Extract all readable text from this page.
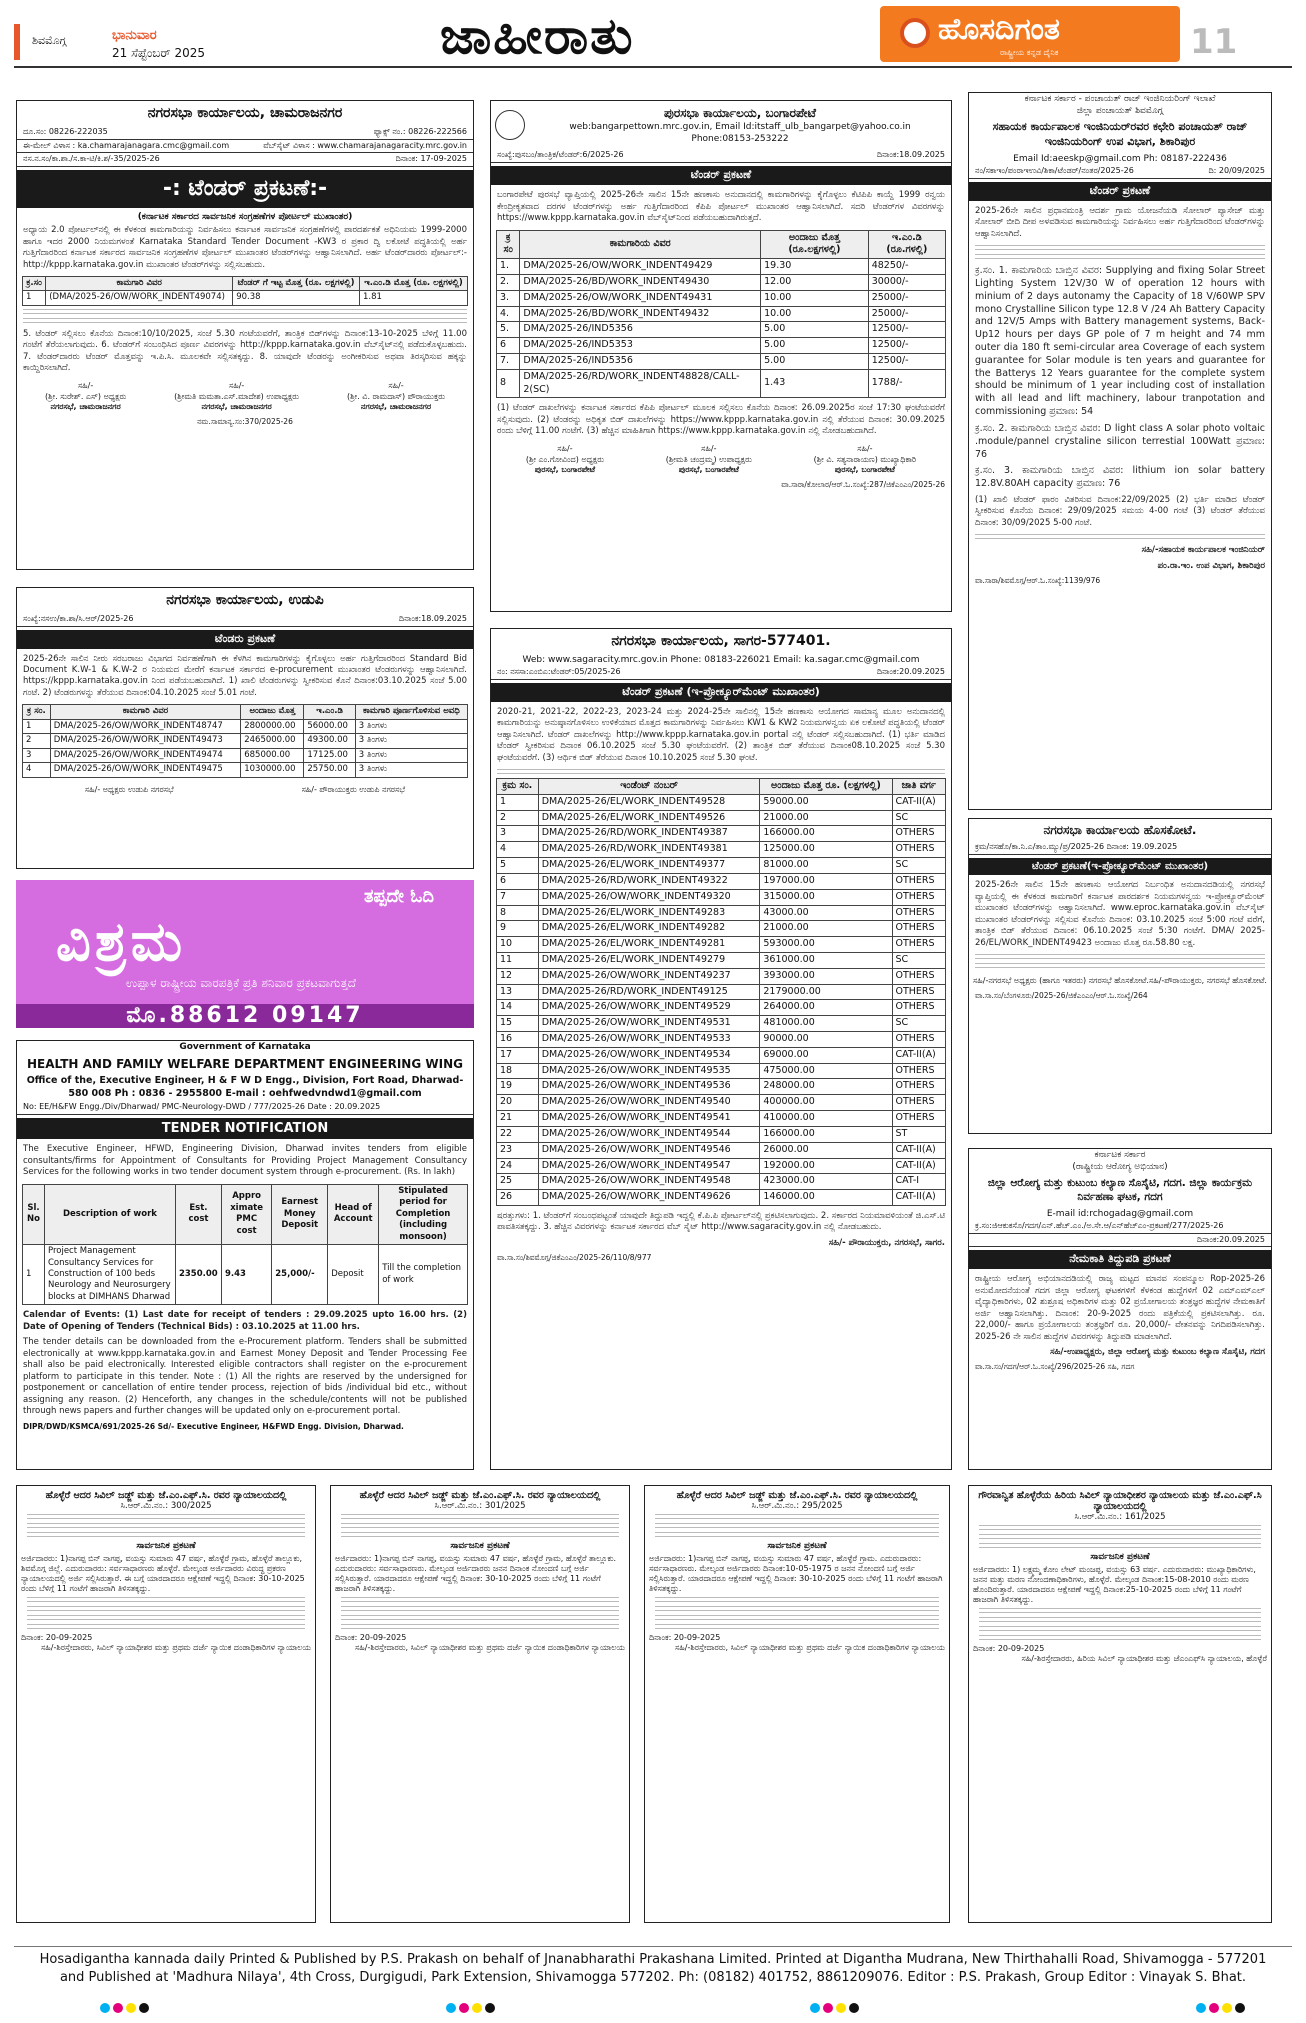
ಶಿವಮೊಗ್ಗ	ಭಾನುವಾರ
21 ಸೆಪ್ಟೆಂಬರ್ 2025	ಜಾಹೀರಾತು	ಹೊಸದಿಗಂತ
ರಾಷ್ಟ್ರೀಯ ಕನ್ನಡ ದೈನಿಕ	11
ನಗರಸಭಾ ಕಾರ್ಯಾಲಯ, ಚಾಮರಾಜನಗರ
ದೂ.ಸಂ: 08226-222035	ಫ್ಯಾಕ್ಸ್ ನಂ.: 08226-222566
ಈ-ಮೇಲ್ ವಿಳಾಸ : ka.chamarajanagara.cmc@gmail.com	ವೆಬ್‌ಸೈಟ್ ವಿಳಾಸ : www.chamarajanagaracity.mrc.gov.in
ನಸ.ನ.ಸಂ/ಕಾ.ಶಾ./ಸ.ಕಾ-ಟಿ/ಕಿ.ಶ/-35/2025-26	ದಿನಾಂಕ: 17-09-2025
-: ಟೆಂಡರ್ ಪ್ರಕಟಣೆ:-
(ಕರ್ನಾಟಕ ಸರ್ಕಾರದ ಸಾರ್ವಜನಿಕ ಸಂಗ್ರಹಣೆಗಳ ಪೋರ್ಟಲ್ ಮುಖಾಂತರ)
ಅಧ್ಯಾಯ 2.0 ಪೋರ್ಟಲ್‌ನಲ್ಲಿ ಈ ಕೆಳಕಂಡ ಕಾಮಗಾರಿಯನ್ನು ನಿರ್ವಹಿಸಲು ಕರ್ನಾಟಕ ಸಾರ್ವಜನಿಕ ಸಂಗ್ರಹಣೆಗಳಲ್ಲಿ ಪಾರದರ್ಶಕತೆ ಅಧಿನಿಯಮ 1999-2000 ಹಾಗೂ ಇದರ 2000 ನಿಯಮಗಳಂತೆ Karnataka Standard Tender Document -KW3 ರ ಪ್ರಕಾರ ದ್ವಿ ಲಕೋಟೆ ಪದ್ಧತಿಯಲ್ಲಿ ಅರ್ಹ ಗುತ್ತಿಗೆದಾರರಿಂದ ಕರ್ನಾಟಕ ಸರ್ಕಾರದ ಸಾರ್ವಜನಿಕ ಸಂಗ್ರಹಣೆಗಳ ಪೋರ್ಟಲ್ ಮುಖಾಂತರ ಟೆಂಡರ್‌ಗಳನ್ನು ಆಹ್ವಾನಿಸಲಾಗಿದೆ. ಅರ್ಹ ಟೆಂಡರ್‌ದಾರರು ಪೋರ್ಟಲ್:- http://kppp.karnataka.gov.in ಮುಖಾಂತರ ಟೆಂಡರ್‌ಗಳನ್ನು ಸಲ್ಲಿಸಬಹುದು.
ಕ್ರ.ಸಂ	ಕಾಮಗಾರಿ ವಿವರ	ಟೆಂಡರ್ ಗೆ ಇಟ್ಟ ಮೊತ್ತ (ರೂ. ಲಕ್ಷಗಳಲ್ಲಿ)	ಇ.ಎಂ.ಡಿ ಮೊತ್ತ (ರೂ. ಲಕ್ಷಗಳಲ್ಲಿ)
1	(DMA/2025-26/OW/WORK_INDENT49074)	90.38	1.81
5. ಟೆಂಡರ್ ಸಲ್ಲಿಸಲು ಕೊನೆಯ ದಿನಾಂಕ:10/10/2025, ಸಂಜೆ 5.30 ಗಂಟೆಯವರೆಗೆ, ತಾಂತ್ರಿಕ ಬಿಡ್‌ಗಳನ್ನು ದಿನಾಂಕ:13-10-2025 ಬೆಳಿಗ್ಗೆ 11.00 ಗಂಟೆಗೆ ತೆರೆಯಲಾಗುವುದು. 6. ಟೆಂಡರ್‌ಗೆ ಸಂಬಂಧಿಸಿದ ಪೂರ್ಣ ವಿವರಗಳನ್ನು http://kppp.karnataka.gov.in ವೆಬ್‌ಸೈಟ್‌ನಲ್ಲಿ ಪಡೆದುಕೊಳ್ಳಬಹುದು. 7. ಟೆಂಡರ್‌ದಾರರು ಟೆಂಡರ್ ಮೊತ್ತವನ್ನು ಇ.ಪಿ.ಸಿ. ಮೂಲಕವೇ ಸಲ್ಲಿಸತಕ್ಕದ್ದು. 8. ಯಾವುದೇ ಟೆಂಡರನ್ನು ಅಂಗೀಕರಿಸುವ ಅಥವಾ ತಿರಸ್ಕರಿಸುವ ಹಕ್ಕನ್ನು ಕಾಯ್ದಿರಿಸಲಾಗಿದೆ.
ಸಹಿ/-
(ಶ್ರೀ. ಸುರೇಶ್. ಎಸ್) ಅಧ್ಯಕ್ಷರು
ನಗರಸಭೆ, ಚಾಮರಾಜನಗರ
ಸಹಿ/-
(ಶ್ರೀಮತಿ ಮಮತಾ.ಎಸ್.ಮಾದೇಶ) ಉಪಾಧ್ಯಕ್ಷರು
ನಗರಸಭೆ, ಚಾಮರಾಜನಗರ
ಸಹಿ/-
(ಶ್ರೀ. ವಿ. ರಾಮದಾಸ್) ಪೌರಾಯುಕ್ತರು
ನಗರಸಭೆ, ಚಾಮರಾಜನಗರ
ನಮ.ಸಾಮಾನ್ಯ.ಸಂ:370/2025-26
ನಗರಸಭಾ ಕಾರ್ಯಾಲಯ, ಉಡುಪಿ
ಸಂಖ್ಯೆ:ನಸಉ/ಕಾ.ಶಾ/ಸಿ.ಆರ್/2025-26	ದಿನಾಂಕ:18.09.2025
ಟೆಂಡರು ಪ್ರಕಟಣೆ
2025-26ನೇ ಸಾಲಿನ ನೀರು ಸರಬರಾಜು ವಿಭಾಗದ ನಿರ್ವಹಣೆಗಾಗಿ ಈ ಕೆಳಗಿನ ಕಾಮಗಾರಿಗಳನ್ನು ಕೈಗೊಳ್ಳಲು ಅರ್ಹ ಗುತ್ತಿಗೆದಾರರಿಂದ Standard Bid Document K.W-1 & K.W-2 ರ ನಿಯಮದ ಮೇರೆಗೆ ಕರ್ನಾಟಕ ಸರ್ಕಾರದ e-procurement ಮುಖಾಂತರ ಟೆಂಡರುಗಳನ್ನು ಆಹ್ವಾನಿಸಲಾಗಿದೆ. https://kppp.karnataka.gov.in ನಿಂದ ಪಡೆಯಬಹುದಾಗಿದೆ. 1) ಖಾಲಿ ಟೆಂಡರುಗಳನ್ನು ಸ್ವೀಕರಿಸುವ ಕೊನೆ ದಿನಾಂಕ:03.10.2025 ಸಂಜೆ 5.00 ಗಂಟೆ. 2) ಟೆಂಡರುಗಳನ್ನು ತೆರೆಯುವ ದಿನಾಂಕ:04.10.2025 ಸಂಜೆ 5.01 ಗಂಟೆ.
ಕ್ರ ಸಂ.	ಕಾಮಗಾರಿ ವಿವರ	ಅಂದಾಜು ಮೊತ್ತ	ಇ.ಎಂ.ಡಿ	ಕಾಮಗಾರಿ ಪೂರ್ಣಗೊಳಿಸುವ ಅವಧಿ
1	DMA/2025-26/OW/WORK_INDENT48747	2800000.00	56000.00	3 ತಿಂಗಳು
2	DMA/2025-26/OW/WORK_INDENT49473	2465000.00	49300.00	3 ತಿಂಗಳು
3	DMA/2025-26/OW/WORK_INDENT49474	685000.00	17125.00	3 ತಿಂಗಳು
4	DMA/2025-26/OW/WORK_INDENT49475	1030000.00	25750.00	3 ತಿಂಗಳು
ಸಹಿ/- ಅಧ್ಯಕ್ಷರು ಉಡುಪಿ ನಗರಸಭೆ	ಸಹಿ/- ಪೌರಾಯುಕ್ತರು ಉಡುಪಿ ನಗರಸಭೆ
ತಪ್ಪದೇ ಓದಿ
ವಿಶ್ರಮ
ಉಪ್ಪಾಳ ರಾಷ್ಟ್ರೀಯ ವಾರಪತ್ರಿಕೆ ಪ್ರತಿ ಶನಿವಾರ ಪ್ರಕಟವಾಗುತ್ತದೆ
ಮೊ.88612 09147
Government of Karnataka
HEALTH AND FAMILY WELFARE DEPARTMENT ENGINEERING WING
Office of the, Executive Engineer, H & F W D Engg., Division, Fort Road, Dharwad-580 008 Ph : 0836 - 2955800 E-mail : oehfwedvndwd1@gmail.com
No: EE/H&FW Engg./Div/Dharwad/ PMC-Neurology-DWD / 777/2025-26 Date : 20.09.2025
TENDER NOTIFICATION
The Executive Engineer, HFWD, Engineering Division, Dharwad invites tenders from eligible consultants/firms for Appointment of Consultants for Providing Project Management Consultancy Services for the following works in two tender document system through e-procurement. (Rs. In lakh)
Sl. No	Description of work	Est. cost	Appro ximate PMC cost	Earnest Money Deposit	Head of Account	Stipulated period for Completion (including monsoon)
1	Project Management Consultancy Services for Construction of 100 beds Neurology and Neurosurgery blocks at DIMHANS Dharwad	2350.00	9.43	25,000/-	Deposit	Till the completion of work
Calendar of Events: (1) Last date for receipt of tenders : 29.09.2025 upto 16.00 hrs. (2) Date of Opening of Tenders (Technical Bids) : 03.10.2025 at 11.00 hrs.
The tender details can be downloaded from the e-Procurement platform. Tenders shall be submitted electronically at www.kppp.karnataka.gov.in and Earnest Money Deposit and Tender Processing Fee shall also be paid electronically. Interested eligible contractors shall register on the e-procurement platform to participate in this tender. Note : (1) All the rights are reserved by the undersigned for postponement or cancellation of entire tender process, rejection of bids /individual bid etc., without assigning any reason. (2) Henceforth, any changes in the schedule/contents will not be published through news papers and further changes will be updated only on e-procurement portal.
DIPR/DWD/KSMCA/691/2025-26 Sd/- Executive Engineer, H&FWD Engg. Division, Dharwad.
ಪುರಸಭಾ ಕಾರ್ಯಾಲಯ, ಬಂಗಾರಪೇಟೆ
web:bangarpettown.mrc.gov.in, Email Id:itstaff_ulb_bangarpet@yahoo.co.in
Phone:08153-253222
ಸಂಖ್ಯೆ:ಪುಸಬಂ/ತಾಂತ್ರಿಕ/ಟೆಂಡರ್:6/2025-26	ದಿನಾಂಕ:18.09.2025
ಟೆಂಡರ್ ಪ್ರಕಟಣೆ
ಬಂಗಾರಪೇಟೆ ಪುರಸಭೆ ವ್ಯಾಪ್ತಿಯಲ್ಲಿ 2025-26ನೇ ಸಾಲಿನ 15ನೇ ಹಣಕಾಸು ಅನುದಾನದಲ್ಲಿ ಕಾಮಗಾರಿಗಳನ್ನು ಕೈಗೊಳ್ಳಲು ಕೆಟಿಪಿಪಿ ಕಾಯ್ದೆ 1999 ರನ್ವಯ ಕೇಂದ್ರೀಕೃತವಾದ ದರಗಳ ಟೆಂಡರ್‌ಗಳನ್ನು ಅರ್ಹ ಗುತ್ತಿಗೆದಾರರಿಂದ ಕೆಪಿಪಿ ಪೋರ್ಟಲ್ ಮುಖಾಂತರ ಆಹ್ವಾನಿಸಲಾಗಿದೆ. ಸದರಿ ಟೆಂಡರ್‌ಗಳ ವಿವರಗಳನ್ನು https://www.kppp.karnataka.gov.in ವೆಬ್‌ಸೈಟ್‌ನಿಂದ ಪಡೆಯಬಹುದಾಗಿರುತ್ತದೆ.
ಕ್ರ ಸಂ	ಕಾಮಗಾರಿಯ ವಿವರ	ಅಂದಾಜು ಮೊತ್ತ (ರೂ.ಲಕ್ಷಗಳಲ್ಲಿ)	ಇ.ಎಂ.ಡಿ (ರೂ.ಗಳಲ್ಲಿ)
1.	DMA/2025-26/OW/WORK_INDENT49429	19.30	48250/-
2.	DMA/2025-26/BD/WORK_INDENT49430	12.00	30000/-
3.	DMA/2025-26/OW/WORK_INDENT49431	10.00	25000/-
4.	DMA/2025-26/BD/WORK_INDENT49432	10.00	25000/-
5.	DMA/2025-26/IND5356	5.00	12500/-
6	DMA/2025-26/IND5353	5.00	12500/-
7.	DMA/2025-26/IND5356	5.00	12500/-
8	DMA/2025-26/RD/WORK_INDENT48828/CALL-2(SC)	1.43	1788/-
(1) ಟೆಂಡರ್ ದಾಖಲೆಗಳನ್ನು ಕರ್ನಾಟಕ ಸರ್ಕಾರದ ಕೆಪಿಪಿ ಪೋರ್ಟಲ್ ಮೂಲಕ ಸಲ್ಲಿಸಲು ಕೊನೆಯ ದಿನಾಂಕ: 26.09.2025ರ ಸಂಜೆ 17:30 ಘಂಟೆಯವರೆಗೆ ಸಲ್ಲಿಸುವುದು. (2) ಟೆಂಡರನ್ನು ಅಧಿಕೃತ ಬಿಡ್ ದಾಖಲೆಗಳನ್ನು https://www.kppp.karnataka.gov.in ನಲ್ಲಿ ತೆರೆಯುವ ದಿನಾಂಕ: 30.09.2025 ರಂದು ಬೆಳಿಗ್ಗೆ 11.00 ಗಂಟೆಗೆ. (3) ಹೆಚ್ಚಿನ ಮಾಹಿತಿಗಾಗಿ https://www.kppp.karnataka.gov.in ನಲ್ಲಿ ನೋಡಬಹುದಾಗಿದೆ.
ಸಹಿ/-
(ಶ್ರೀ ಎಂ.ಗೋವಿಂದ) ಅಧ್ಯಕ್ಷರು
ಪುರಸಭೆ, ಬಂಗಾರಪೇಟೆ
ಸಹಿ/-
(ಶ್ರೀಮತಿ ಚಂದ್ರಮ್ಮ) ಉಪಾಧ್ಯಕ್ಷರು
ಪುರಸಭೆ, ಬಂಗಾರಪೇಟೆ
ಸಹಿ/-
(ಶ್ರೀ ವಿ. ಸತ್ಯನಾರಾಯಣ) ಮುಖ್ಯಾಧಿಕಾರಿ
ಪುರಸಭೆ, ಬಂಗಾರಪೇಟೆ
ವಾ.ಸಾರಾ/ಕೋಲಾರ/ಆರ್.ಓ.ಸಂಖ್ಯೆ:287/ಜಿಕೆಎಂಎಂ/2025-26
ನಗರಸಭಾ ಕಾರ್ಯಾಲಯ, ಸಾಗರ-577401.
Web: www.sagaracity.mrc.gov.in Phone: 08183-226021 Email: ka.sagar.cmc@gmail.com
ನಂ: ನಸಸಾ:ಎಂಬಿಎ:ಟೆಂಡರ್:05/2025-26	ದಿನಾಂಕ:20.09.2025
ಟೆಂಡರ್ ಪ್ರಕಟಣೆ (ಇ-ಪ್ರೋಕ್ಯೂರ್‌ಮೆಂಟ್ ಮುಖಾಂತರ)
2020-21, 2021-22, 2022-23, 2023-24 ಮತ್ತು 2024-25ನೇ ಸಾಲಿನಲ್ಲಿ 15ನೇ ಹಣಕಾಸು ಆಯೋಗದ ಸಾಮಾನ್ಯ ಮೂಲ ಅನುದಾನದಲ್ಲಿ ಕಾಮಗಾರಿಯನ್ನು ಅನುಷ್ಠಾನಗೊಳಿಸಲು ಉಳಿಕೆಯಾದ ಮೊತ್ತದ ಕಾಮಗಾರಿಗಳನ್ನು ನಿರ್ವಹಿಸಲು KW1 & KW2 ನಿಯಮಗಳನ್ವಯ ಏಕ ಲಕೋಟೆ ಪದ್ಧತಿಯಲ್ಲಿ ಟೆಂಡರ್ ಆಹ್ವಾನಿಸಲಾಗಿದೆ. ಟೆಂಡರ್ ದಾಖಲೆಗಳನ್ನು http://www.kppp.karnataka.gov.in portal ನಲ್ಲಿ ಟೆಂಡರ್ ಸಲ್ಲಿಸಬಹುದಾಗಿದೆ. (1) ಭರ್ತಿ ಮಾಡಿದ ಟೆಂಡರ್ ಸ್ವೀಕರಿಸುವ ದಿನಾಂಕ 06.10.2025 ಸಂಜೆ 5.30 ಘಂಟೆಯವರೆಗೆ. (2) ತಾಂತ್ರಿಕ ಬಿಡ್ ತೆರೆಯುವ ದಿನಾಂಕ08.10.2025 ಸಂಜೆ 5.30 ಘಂಟೆಯವರೆಗೆ. (3) ಆರ್ಥಿಕ ಬಿಡ್ ತೆರೆಯುವ ದಿನಾಂಕ 10.10.2025 ಸಂಜೆ 5.30 ಘಂಟೆ.
ಕ್ರಮ ಸಂ.	ಇಂಡೆಂಟ್ ನಂಬರ್	ಅಂದಾಜು ಮೊತ್ತ ರೂ. (ಲಕ್ಷಗಳಲ್ಲಿ)	ಜಾತಿ ವರ್ಗ
1	DMA/2025-26/EL/WORK_INDENT49528	59000.00	CAT-II(A)
2	DMA/2025-26/EL/WORK_INDENT49526	21000.00	SC
3	DMA/2025-26/RD/WORK_INDENT49387	166000.00	OTHERS
4	DMA/2025-26/RD/WORK_INDENT49381	125000.00	OTHERS
5	DMA/2025-26/EL/WORK_INDENT49377	81000.00	SC
6	DMA/2025-26/RD/WORK_INDENT49322	197000.00	OTHERS
7	DMA/2025-26/OW/WORK_INDENT49320	315000.00	OTHERS
8	DMA/2025-26/EL/WORK_INDENT49283	43000.00	OTHERS
9	DMA/2025-26/EL/WORK_INDENT49282	21000.00	OTHERS
10	DMA/2025-26/EL/WORK_INDENT49281	593000.00	OTHERS
11	DMA/2025-26/EL/WORK_INDENT49279	361000.00	SC
12	DMA/2025-26/OW/WORK_INDENT49237	393000.00	OTHERS
13	DMA/2025-26/RD/WORK_INDENT49125	2179000.00	OTHERS
14	DMA/2025-26/OW/WORK_INDENT49529	264000.00	OTHERS
15	DMA/2025-26/OW/WORK_INDENT49531	481000.00	SC
16	DMA/2025-26/OW/WORK_INDENT49533	90000.00	OTHERS
17	DMA/2025-26/OW/WORK_INDENT49534	69000.00	CAT-II(A)
18	DMA/2025-26/OW/WORK_INDENT49535	475000.00	OTHERS
19	DMA/2025-26/OW/WORK_INDENT49536	248000.00	OTHERS
20	DMA/2025-26/OW/WORK_INDENT49540	400000.00	OTHERS
21	DMA/2025-26/OW/WORK_INDENT49541	410000.00	OTHERS
22	DMA/2025-26/OW/WORK_INDENT49544	166000.00	ST
23	DMA/2025-26/OW/WORK_INDENT49546	26000.00	CAT-II(A)
24	DMA/2025-26/OW/WORK_INDENT49547	192000.00	CAT-II(A)
25	DMA/2025-26/OW/WORK_INDENT49548	423000.00	CAT-I
26	DMA/2025-26/OW/WORK_INDENT49626	146000.00	CAT-II(A)
ಷರತ್ತುಗಳು: 1. ಟೆಂಡರ್‌ಗೆ ಸಂಬಂಧಪಟ್ಟಂತೆ ಯಾವುದೇ ತಿದ್ದುಪಡಿ ಇದ್ದಲ್ಲಿ ಕೆ.ಪಿ.ಪಿ ಪೋರ್ಟಲ್‌ನಲ್ಲಿ ಪ್ರಕಟಿಸಲಾಗುವುದು. 2. ಸರ್ಕಾರದ ನಿಯಮಾವಳಿಯಂತೆ ಜಿ.ಎಸ್.ಟಿ ಪಾವತಿಸತಕ್ಕದ್ದು. 3. ಹೆಚ್ಚಿನ ವಿವರಗಳನ್ನು ಕರ್ನಾಟಕ ಸರ್ಕಾರದ ವೆಬ್ ಸೈಟ್ http://www.sagaracity.gov.in ನಲ್ಲಿ ನೋಡಬಹುದು.
ಸಹಿ/- ಪೌರಾಯುಕ್ತರು, ನಗರಸಭೆ, ಸಾಗರ.
ವಾ.ಸಾ.ಸಂ/ಶಿವಮೊಗ್ಗ/ಜಿಕೆಎಂಎಂ/2025-26/110/8/977
ಕರ್ನಾಟಕ ಸರ್ಕಾರ - ಪಂಚಾಯತ್ ರಾಜ್ ಇಂಜಿನಿಯರಿಂಗ್ ಇಲಾಖೆ
ಜಿಲ್ಲಾ ಪಂಚಾಯತ್ ಶಿವಮೊಗ್ಗ
ಸಹಾಯಕ ಕಾರ್ಯಪಾಲಕ ಇಂಜಿನಿಯರ್‌ರವರ ಕಛೇರಿ ಪಂಚಾಯತ್ ರಾಜ್ ಇಂಜಿನಿಯರಿಂಗ್ ಉಪ ವಿಭಾಗ, ಶಿಕಾರಿಪುರ
Email Id:aeeskp@gmail.com Ph: 08187-222436
ನಂ/ಸಕಾಇಂ/ಪಂರಾಇಉವಿ/ಶಿಕಾ/ಟೆಂಡರ್/ನಂತರ/2025-26	ದಿ: 20/09/2025
ಟೆಂಡರ್ ಪ್ರಕಟಣೆ
2025-26ನೇ ಸಾಲಿನ ಪ್ರಧಾನಮಂತ್ರಿ ಆದರ್ಶ ಗ್ರಾಮ ಯೋಜನೆಯಡಿ ಸೋಲಾರ್ ಪ್ಯಾಸೇಜ್ ಮತ್ತು ಸೋಲಾರ್ ಬೀದಿ ದೀಪ ಅಳವಡಿಸುವ ಕಾಮಗಾರಿಯನ್ನು ನಿರ್ವಹಿಸಲು ಅರ್ಹ ಗುತ್ತಿಗೆದಾರರಿಂದ ಟೆಂಡರ್‌ಗಳನ್ನು ಆಹ್ವಾನಿಸಲಾಗಿದೆ.
ಕ್ರ.ಸಂ. 1. ಕಾಮಗಾರಿಯ ಬಾಬ್ತಿನ ವಿವರ: Supplying and fixing Solar Street Lighting System 12V/30 W of operation 12 hours with minium of 2 days autonamy the Capacity of 18 V/60WP SPV mono Crystalline Silicon type 12.8 V /24 Ah Battery Capacity and 12V/5 Amps with Battery management systems, Back-Up12 hours per days GP pole of 7 m height and 74 mm outer dia 180 ft semi-circular area Coverage of each system guarantee for Solar module is ten years and guarantee for the Batterys 12 Years guarantee for the complete system should be minimum of 1 year including cost of installation with all lead and lift machinery, labour tranpotation and commissioning ಪ್ರಮಾಣ: 54
ಕ್ರ.ಸಂ. 2. ಕಾಮಗಾರಿಯ ಬಾಬ್ತಿನ ವಿವರ: D light class A solar photo voltaic .module/pannel crystaline silicon terrestial 100Watt ಪ್ರಮಾಣ: 76
ಕ್ರ.ಸಂ. 3. ಕಾಮಗಾರಿಯ ಬಾಬ್ತಿನ ವಿವರ: lithium ion solar battery 12.8V.80AH capacity ಪ್ರಮಾಣ: 76
(1) ಖಾಲಿ ಟೆಂಡರ್ ಫಾರಂ ವಿತರಿಸುವ ದಿನಾಂಕ:22/09/2025 (2) ಭರ್ತಿ ಮಾಡಿದ ಟೆಂಡರ್ ಸ್ವೀಕರಿಸುವ ಕೊನೆಯ ದಿನಾಂಕ: 29/09/2025 ಸಮಯ 4-00 ಗಂಟೆ (3) ಟೆಂಡರ್ ತೆರೆಯುವ ದಿನಾಂಕ: 30/09/2025 5-00 ಗಂಟೆ.
ಸಹಿ/-ಸಹಾಯಕ ಕಾರ್ಯಪಾಲಕ ಇಂಜಿನಿಯರ್
ಪಂ.ರಾ.ಇಂ. ಉಪ ವಿಭಾಗ, ಶಿಕಾರಿಪುರ
ವಾ.ಸಾರಾ/ಶಿವಮೊಗ್ಗ/ಆರ್.ಓ.ಸಂಖ್ಯೆ:1139/976
ನಗರಸಭಾ ಕಾರ್ಯಾಲಯ ಹೊಸಕೋಟೆ.
ಕ್ರಮ/ನಸಹೊ/ಕಾ.ನಿ.ಎ/ತಾಂ.ಮ್ಯು/ಪ್ರ/2025-26 ದಿನಾಂಕ: 19.09.2025
ಟೆಂಡರ್ ಪ್ರಕಟಣೆ(ಇ-ಪ್ರೋಕ್ಯೂರ್‌ಮೆಂಟ್ ಮುಖಾಂತರ)
2025-26ನೇ ಸಾಲಿನ 15ನೇ ಹಣಕಾಸು ಆಯೋಗದ ನಿರ್ಬಂಧಿತ ಅನುದಾನದಡಿಯಲ್ಲಿ ನಗರಸಭೆ ವ್ಯಾಪ್ತಿಯಲ್ಲಿ ಈ ಕೆಳಕಂಡ ಕಾಮಗಾರಿಗೆ ಕರ್ನಾಟಕ ಪಾರದರ್ಶಕ ನಿಯಮಗಳನ್ವಯ ಇ-ಪ್ರೋಕ್ಯೂರ್‌ಮೆಂಟ್ ಮುಖಾಂತರ ಟೆಂಡರ್‌ಗಳನ್ನು ಆಹ್ವಾನಿಸಲಾಗಿದೆ. www.eproc.karnataka.gov.in ವೆಬ್‌ಸೈಟ್ ಮುಖಾಂತರ ಟೆಂಡರ್‌ಗಳನ್ನು ಸಲ್ಲಿಸುವ ಕೊನೆಯ ದಿನಾಂಕ: 03.10.2025 ಸಂಜೆ 5:00 ಗಂಟೆ ವರೆಗೆ, ತಾಂತ್ರಿಕ ಬಿಡ್ ತೆರೆಯುವ ದಿನಾಂಕ: 06.10.2025 ಸಂಜೆ 5:30 ಗಂಟೆಗೆ. DMA/ 2025-26/EL/WORK_INDENT49423 ಅಂದಾಜು ಮೊತ್ತ ರೂ.58.80 ಲಕ್ಷ.
ಸಹಿ/-ನಗರಸಭೆ ಅಧ್ಯಕ್ಷರು (ಹಾಗೂ ಇತರರು) ನಗರಸಭೆ ಹೊಸಕೋಟೆ. ಸಹಿ/-ಪೌರಾಯುಕ್ತರು, ನಗರಸಭೆ ಹೊಸಕೋಟೆ.
ವಾ.ಸಾ.ಸಂ/ಬೆಂಗಳೂರು/2025-26/ಜಿಕೆಎಂಎಂ/ಆರ್.ಓ.ಸಂಖ್ಯೆ/264
ಕರ್ನಾಟಕ ಸರ್ಕಾರ
(ರಾಷ್ಟ್ರೀಯ ಆರೋಗ್ಯ ಅಭಿಯಾನ)
ಜಿಲ್ಲಾ ಆರೋಗ್ಯ ಮತ್ತು ಕುಟುಂಬ ಕಲ್ಯಾಣ ಸೊಸೈಟಿ, ಗದಗ. ಜಿಲ್ಲಾ ಕಾರ್ಯಕ್ರಮ ನಿರ್ವಹಣಾ ಘಟಕ, ಗದಗ
E-mail id:rchogadag@gmail.com
ಕ್ರ.ಸಂ:ಜಿಆಕುಕಸೊ/ಗದಗ/ಎನ್.ಹೆಚ್.ಎಂ./ಅ.ಸೇ.ಆ/ಎನ್‌ಹೆಚ್‌ಎಂ-ಪ್ರಕಟಣೆ/277/2025-26
ದಿನಾಂಕ:20.09.2025
ನೇಮಕಾತಿ ತಿದ್ದುಪಡಿ ಪ್ರಕಟಣೆ
ರಾಷ್ಟ್ರೀಯ ಆರೋಗ್ಯ ಅಭಿಯಾನದಡಿಯಲ್ಲಿ ರಾಜ್ಯ ಮಟ್ಟದ ಮಾನವ ಸಂಪನ್ಮೂಲ Rop-2025-26 ಅನುಮೋದನೆಯಂತೆ ಗದಗ ಜಿಲ್ಲಾ ಆರೋಗ್ಯ ಘಟಕಗಳಿಗೆ ಕೆಳಕಂಡ ಹುದ್ದೆಗಳಿಗೆ 02 ಎಮ್‌ಎಮ್‌ಎಲ್ ವೈದ್ಯಾಧಿಕಾರಿಗಳು, 02 ಶುಶ್ರೂಷ ಅಧಿಕಾರಿಗಳ ಮತ್ತು 02 ಪ್ರಯೋಗಾಲಯ ತಂತ್ರಜ್ಞರ ಹುದ್ದೆಗಳ ನೇಮಕಾತಿಗೆ ಅರ್ಜಿ ಆಹ್ವಾನಿಸಲಾಗಿತ್ತು. ದಿನಾಂಕ: 20-9-2025 ರಂದು ಪತ್ರಿಕೆಯಲ್ಲಿ ಪ್ರಕಟಿಸಲಾಗಿತ್ತು. ರೂ. 22,000/- ಹಾಗೂ ಪ್ರಯೋಗಾಲಯ ತಂತ್ರಜ್ಞರಿಗೆ ರೂ. 20,000/- ವೇತನವನ್ನು ನಿಗದಿಪಡಿಸಲಾಗಿತ್ತು. 2025-26 ನೇ ಸಾಲಿನ ಹುದ್ದೆಗಳ ವಿವರಗಳನ್ನು ತಿದ್ದುಪಡಿ ಮಾಡಲಾಗಿದೆ.
ಸಹಿ/-ಉಪಾಧ್ಯಕ್ಷರು, ಜಿಲ್ಲಾ ಆರೋಗ್ಯ ಮತ್ತು ಕುಟುಂಬ ಕಲ್ಯಾಣ ಸೊಸೈಟಿ, ಗದಗ
ವಾ.ಸಾ.ಸಂ/ಗದಗ/ಆರ್.ಓ.ಸಂಖ್ಯೆ/296/2025-26 ಸಹಿ, ಗದಗ
ಹೊಳ್ಳೆರೆ ಆದರ ಸಿವಿಲ್ ಜಡ್ಜ್ ಮತ್ತು ಜೆ.ಎಂ.ಎಫ್.ಸಿ. ರವರ ನ್ಯಾಯಾಲಯದಲ್ಲಿ
ಸಿ.ಆರ್.ಮಿ.ನಂ.: 300/2025
ಸಾರ್ವಜನಿಕ ಪ್ರಕಟಣೆ
ಅರ್ಜಿದಾರರು: 1)ನಾಗಪ್ಪ ಬಿನ್ ನಾಗಪ್ಪ, ವಯಸ್ಸು ಸುಮಾರು 47 ವರ್ಷ, ಹೊಳ್ಳೆರೆ ಗ್ರಾಮ, ಹೊಳ್ಳೆರೆ ತಾಲ್ಲೂಕು, ಶಿವಮೊಗ್ಗ ಜಿಲ್ಲೆ. ಎದುರುದಾರರು: ಸರ್ವಸಾಧಾರಣರು ಹೊಳ್ಳೆರೆ. ಮೇಲ್ಕಂಡ ಅರ್ಜಿದಾರರು ವಿರುದ್ಧ ಪ್ರಕರಣ ನ್ಯಾಯಾಲಯದಲ್ಲಿ ಅರ್ಜಿ ಸಲ್ಲಿಸಿರುತ್ತಾರೆ. ಈ ಬಗ್ಗೆ ಯಾರದಾದರೂ ಆಕ್ಷೇಪಣೆ ಇದ್ದಲ್ಲಿ ದಿನಾಂಕ: 30-10-2025 ರಂದು ಬೆಳಿಗ್ಗೆ 11 ಗಂಟೆಗೆ ಹಾಜರಾಗಿ ತಿಳಿಸತಕ್ಕದ್ದು.
ದಿನಾಂಕ: 20-09-2025
ಸಹಿ/-ಶಿರಸ್ತೇದಾರರು, ಸಿವಿಲ್ ನ್ಯಾಯಾಧೀಶರ ಮತ್ತು ಪ್ರಥಮ ದರ್ಜೆ ನ್ಯಾಯಿಕ ದಂಡಾಧಿಕಾರಿಗಳ ನ್ಯಾಯಾಲಯ
ಹೊಳ್ಳೆರೆ ಆದರ ಸಿವಿಲ್ ಜಡ್ಜ್ ಮತ್ತು ಜೆ.ಎಂ.ಎಫ್.ಸಿ. ರವರ ನ್ಯಾಯಾಲಯದಲ್ಲಿ
ಸಿ.ಆರ್.ಮಿ.ನಂ.: 301/2025
ಸಾರ್ವಜನಿಕ ಪ್ರಕಟಣೆ
ಅರ್ಜಿದಾರರು: 1)ನಾಗಪ್ಪ ಬಿನ್ ನಾಗಪ್ಪ, ವಯಸ್ಸು ಸುಮಾರು 47 ವರ್ಷ, ಹೊಳ್ಳೆರೆ ಗ್ರಾಮ, ಹೊಳ್ಳೆರೆ ತಾಲ್ಲೂಕು. ಎದುರುದಾರರು: ಸರ್ವಸಾಧಾರಣರು. ಮೇಲ್ಕಂಡ ಅರ್ಜಿದಾರರು ಜನನ ದಿನಾಂಕ ನೋಂದಣಿ ಬಗ್ಗೆ ಅರ್ಜಿ ಸಲ್ಲಿಸಿರುತ್ತಾರೆ. ಯಾರದಾದರೂ ಆಕ್ಷೇಪಣೆ ಇದ್ದಲ್ಲಿ ದಿನಾಂಕ: 30-10-2025 ರಂದು ಬೆಳಿಗ್ಗೆ 11 ಗಂಟೆಗೆ ಹಾಜರಾಗಿ ತಿಳಿಸತಕ್ಕದ್ದು.
ದಿನಾಂಕ: 20-09-2025
ಸಹಿ/-ಶಿರಸ್ತೇದಾರರು, ಸಿವಿಲ್ ನ್ಯಾಯಾಧೀಶರ ಮತ್ತು ಪ್ರಥಮ ದರ್ಜೆ ನ್ಯಾಯಿಕ ದಂಡಾಧಿಕಾರಿಗಳ ನ್ಯಾಯಾಲಯ
ಹೊಳ್ಳೆರೆ ಆದರ ಸಿವಿಲ್ ಜಡ್ಜ್ ಮತ್ತು ಜೆ.ಎಂ.ಎಫ್.ಸಿ. ರವರ ನ್ಯಾಯಾಲಯದಲ್ಲಿ
ಸಿ.ಆರ್.ಮಿ.ನಂ.: 295/2025
ಸಾರ್ವಜನಿಕ ಪ್ರಕಟಣೆ
ಅರ್ಜಿದಾರರು: 1)ನಾಗಪ್ಪ ಬಿನ್ ನಾಗಪ್ಪ, ವಯಸ್ಸು ಸುಮಾರು 47 ವರ್ಷ, ಹೊಳ್ಳೆರೆ ಗ್ರಾಮ. ಎದುರುದಾರರು: ಸರ್ವಸಾಧಾರಣರು. ಮೇಲ್ಕಂಡ ಅರ್ಜಿದಾರರು ದಿನಾಂಕ:10-05-1975 ರ ಜನನ ನೋಂದಣಿ ಬಗ್ಗೆ ಅರ್ಜಿ ಸಲ್ಲಿಸಿರುತ್ತಾರೆ. ಯಾರದಾದರೂ ಆಕ್ಷೇಪಣೆ ಇದ್ದಲ್ಲಿ ದಿನಾಂಕ: 30-10-2025 ರಂದು ಬೆಳಿಗ್ಗೆ 11 ಗಂಟೆಗೆ ಹಾಜರಾಗಿ ತಿಳಿಸತಕ್ಕದ್ದು.
ದಿನಾಂಕ: 20-09-2025
ಸಹಿ/-ಶಿರಸ್ತೇದಾರರು, ಸಿವಿಲ್ ನ್ಯಾಯಾಧೀಶರ ಮತ್ತು ಪ್ರಥಮ ದರ್ಜೆ ನ್ಯಾಯಿಕ ದಂಡಾಧಿಕಾರಿಗಳ ನ್ಯಾಯಾಲಯ
ಗೌರವಾನ್ವಿತ ಹೊಳ್ಳೆರೆಯ ಹಿರಿಯ ಸಿವಿಲ್ ನ್ಯಾಯಾಧೀಶರ ನ್ಯಾಯಾಲಯ ಮತ್ತು ಜೆ.ಎಂ.ಎಫ್.ಸಿ ನ್ಯಾಯಾಲಯದಲ್ಲಿ
ಸಿ.ಆರ್.ಮಿ.ನಂ.: 161/2025
ಸಾರ್ವಜನಿಕ ಪ್ರಕಟಣೆ
ಅರ್ಜಿದಾರರು: 1) ಲಕ್ಷ್ಮಮ್ಮ ಕೋಂ ಲೇಟ್ ಮಂಜಪ್ಪ, ವಯಸ್ಸು 63 ವರ್ಷ. ಎದುರುದಾರರು: ಮುಖ್ಯಾಧಿಕಾರಿಗಳು, ಜನನ ಮತ್ತು ಮರಣ ನೋಂದಣಾಧಿಕಾರಿಗಳು, ಹೊಳ್ಳೆರೆ. ಮೇಲ್ಕಂಡ ದಿನಾಂಕ:15-08-2010 ರಂದು ಮರಣ ಹೊಂದಿರುತ್ತಾರೆ. ಯಾರದಾದರೂ ಆಕ್ಷೇಪಣೆ ಇದ್ದಲ್ಲಿ ದಿನಾಂಕ:25-10-2025 ರಂದು ಬೆಳಿಗ್ಗೆ 11 ಗಂಟೆಗೆ ಹಾಜರಾಗಿ ತಿಳಿಸತಕ್ಕದ್ದು.
ದಿನಾಂಕ: 20-09-2025
ಸಹಿ/-ಶಿರಸ್ತೇದಾರರು, ಹಿರಿಯ ಸಿವಿಲ್ ನ್ಯಾಯಾಧೀಶರ ಮತ್ತು ಜೆಎಂಎಫ್‌ಸಿ ನ್ಯಾಯಾಲಯ, ಹೊಳ್ಳೆರೆ
Hosadigantha kannada daily Printed & Published by P.S. Prakash on behalf of Jnanabharathi Prakashana Limited. Printed at Digantha Mudrana, New Thirthahalli Road, Shivamogga - 577201
and Published at 'Madhura Nilaya', 4th Cross, Durgigudi, Park Extension, Shivamogga 577202. Ph: (08182) 401752, 8861209076. Editor : P.S. Prakash, Group Editor : Vinayak S. Bhat.
